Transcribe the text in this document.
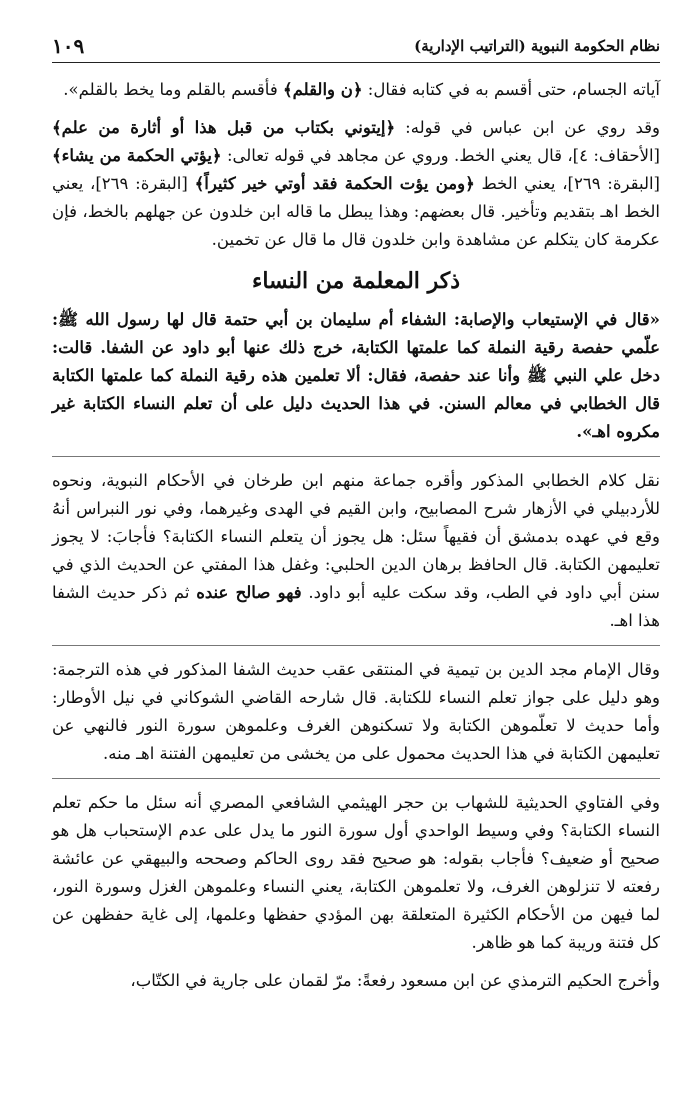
نظام الحكومة النبوية (التراتيب الإدارية)
١٠٩

آياته الجسام، حتى أقسم به في كتابه فقال: ﴿ن والقلم﴾ فأقسم بالقلم وما يخط بالقلم».

وقد روي عن ابن عباس في قوله: ﴿إيتوني بكتاب من قبل هذا أو أثارة من علم﴾ [الأحقاف: ٤]، قال يعني الخط. وروي عن مجاهد في قوله تعالى: ﴿يؤتي الحكمة من يشاء﴾ [البقرة: ٢٦٩]، يعني الخط ﴿ومن يؤت الحكمة فقد أوتي خير كثيراً﴾ [البقرة: ٢٦٩]، يعني الخط اهـ بتقديم وتأخير. قال بعضهم: وهذا يبطل ما قاله ابن خلدون عن جهلهم بالخط، فإن عكرمة كان يتكلم عن مشاهدة وابن خلدون قال ما قال عن تخمين.

ذكر المعلمة من النساء
«قال في الإستيعاب والإصابة: الشفاء أم سليمان بن أبي حتمة قال لها رسول الله ﷺ: علّمي حفصة رقية النملة كما علمتها الكتابة، خرج ذلك عنها أبو داود عن الشفا. قالت: دخل علي النبي ﷺ وأنا عند حفصة، فقال: ألا تعلمين هذه رقية النملة كما علمتها الكتابة قال الخطابي في معالم السنن. في هذا الحديث دليل على أن تعلم النساء الكتابة غير مكروه اهـ».

نقل كلام الخطابي المذكور وأقره جماعة منهم ابن طرخان في الأحكام النبوية، ونحوه للأردبيلي في الأزهار شرح المصابيح، وابن القيم في الهدى وغيرهما، وفي نور النبراس أنهُ وقع في عهده بدمشق أن فقيهاً سئل: هل يجوز أن يتعلم النساء الكتابة؟ فأجابَ: لا يجوز تعليمهن الكتابة. قال الحافظ برهان الدين الحلبي: وغفل هذا المفتي عن الحديث الذي في سنن أبي داود في الطب، وقد سكت عليه أبو داود. فهو صالح عنده ثم ذكر حديث الشفا هذا اهـ.

وقال الإمام مجد الدين بن تيمية في المنتقى عقب حديث الشفا المذكور في هذه الترجمة: وهو دليل على جواز تعلم النساء للكتابة. قال شارحه القاضي الشوكاني في نيل الأوطار: وأما حديث لا تعلّموهن الكتابة ولا تسكنوهن الغرف وعلموهن سورة النور فالنهي عن تعليمهن الكتابة في هذا الحديث محمول على من يخشى من تعليمهن الفتنة اهـ منه.

وفي الفتاوي الحديثية للشهاب بن حجر الهيثمي الشافعي المصري أنه سئل ما حكم تعلم النساء الكتابة؟ وفي وسيط الواحدي أول سورة النور ما يدل على عدم الإستحباب هل هو صحيح أو ضعيف؟ فأجاب بقوله: هو صحيح فقد روى الحاكم وصححه والبيهقي عن عائشة رفعته لا تنزلوهن الغرف، ولا تعلموهن الكتابة، يعني النساء وعلموهن الغزل وسورة النور، لما فيهن من الأحكام الكثيرة المتعلقة بهن المؤدي حفظها وعلمها، إلى غاية حفظهن عن كل فتنة وريبة كما هو ظاهر.

وأخرج الحكيم الترمذي عن ابن مسعود رفعةً: مرّ لقمان على جارية في الكتّاب،
